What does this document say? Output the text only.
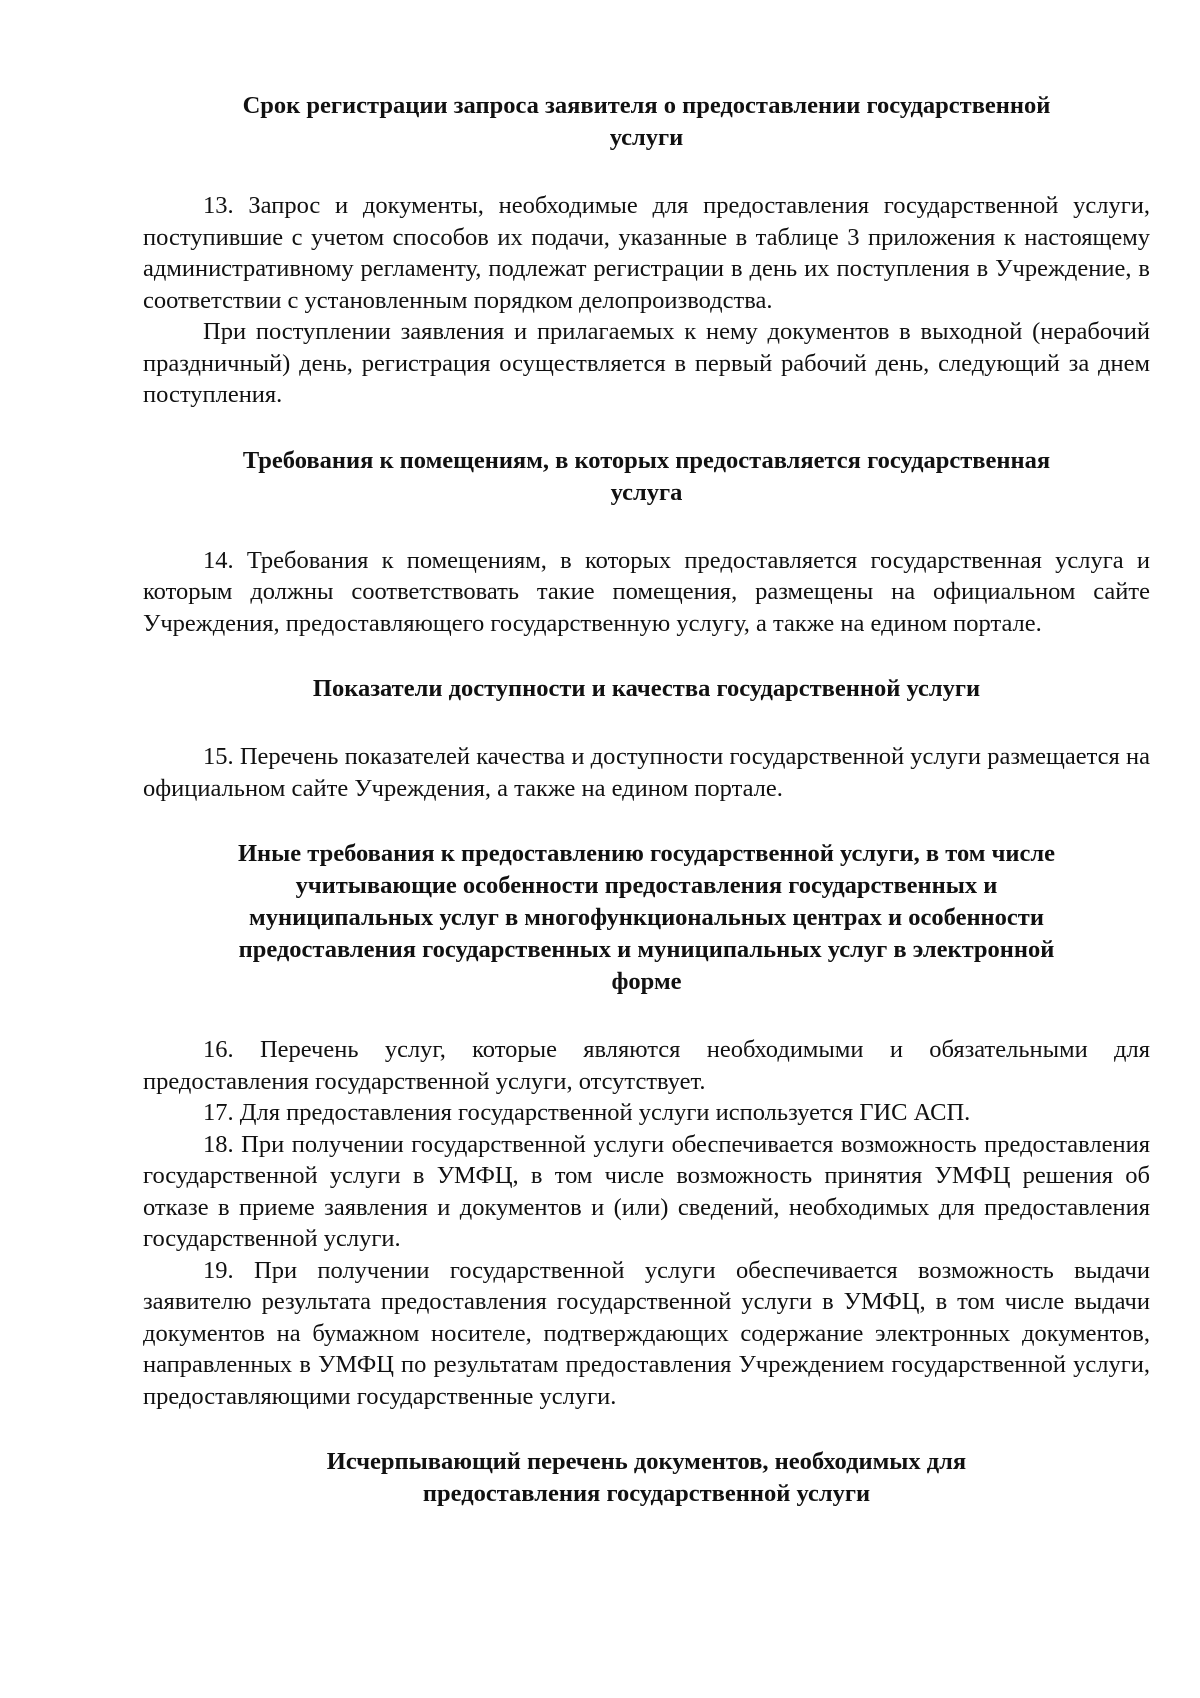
Срок регистрации запроса заявителя о предоставлении государственной
услуги

13. Запрос и документы, необходимые для предоставления государственной услуги, поступившие с учетом способов их подачи, указанные в таблице 3 приложения к настоящему административному регламенту, подлежат регистрации в день их поступления в Учреждение, в соответствии с установленным порядком делопроизводства.

При поступлении заявления и прилагаемых к нему документов в выходной (нерабочий праздничный) день, регистрация осуществляется в первый рабочий день, следующий за днем поступления.

Требования к помещениям, в которых предоставляется государственная
услуга

14. Требования к помещениям, в которых предоставляется государственная услуга и которым должны соответствовать такие помещения, размещены на официальном сайте Учреждения, предоставляющего государственную услугу, а также на едином портале.

Показатели доступности и качества государственной услуги

15. Перечень показателей качества и доступности государственной услуги размещается на официальном сайте Учреждения, а также на едином портале.

Иные требования к предоставлению государственной услуги, в том числе
учитывающие особенности предоставления государственных и
муниципальных услуг в многофункциональных центрах и особенности
предоставления государственных и муниципальных услуг в электронной
форме

16. Перечень услуг, которые являются необходимыми и обязательными для предоставления государственной услуги, отсутствует.

17. Для предоставления государственной услуги используется ГИС АСП.

18. При получении государственной услуги обеспечивается возможность предоставления государственной услуги в УМФЦ, в том числе возможность принятия УМФЦ решения об отказе в приеме заявления и документов и (или) сведений, необходимых для предоставления государственной услуги.

19. При получении государственной услуги обеспечивается возможность выдачи заявителю результата предоставления государственной услуги в УМФЦ, в том числе выдачи документов на бумажном носителе, подтверждающих содержание электронных документов, направленных в УМФЦ по результатам предоставления Учреждением государственной услуги, предоставляющими государственные услуги.

Исчерпывающий перечень документов, необходимых для
предоставления государственной услуги
